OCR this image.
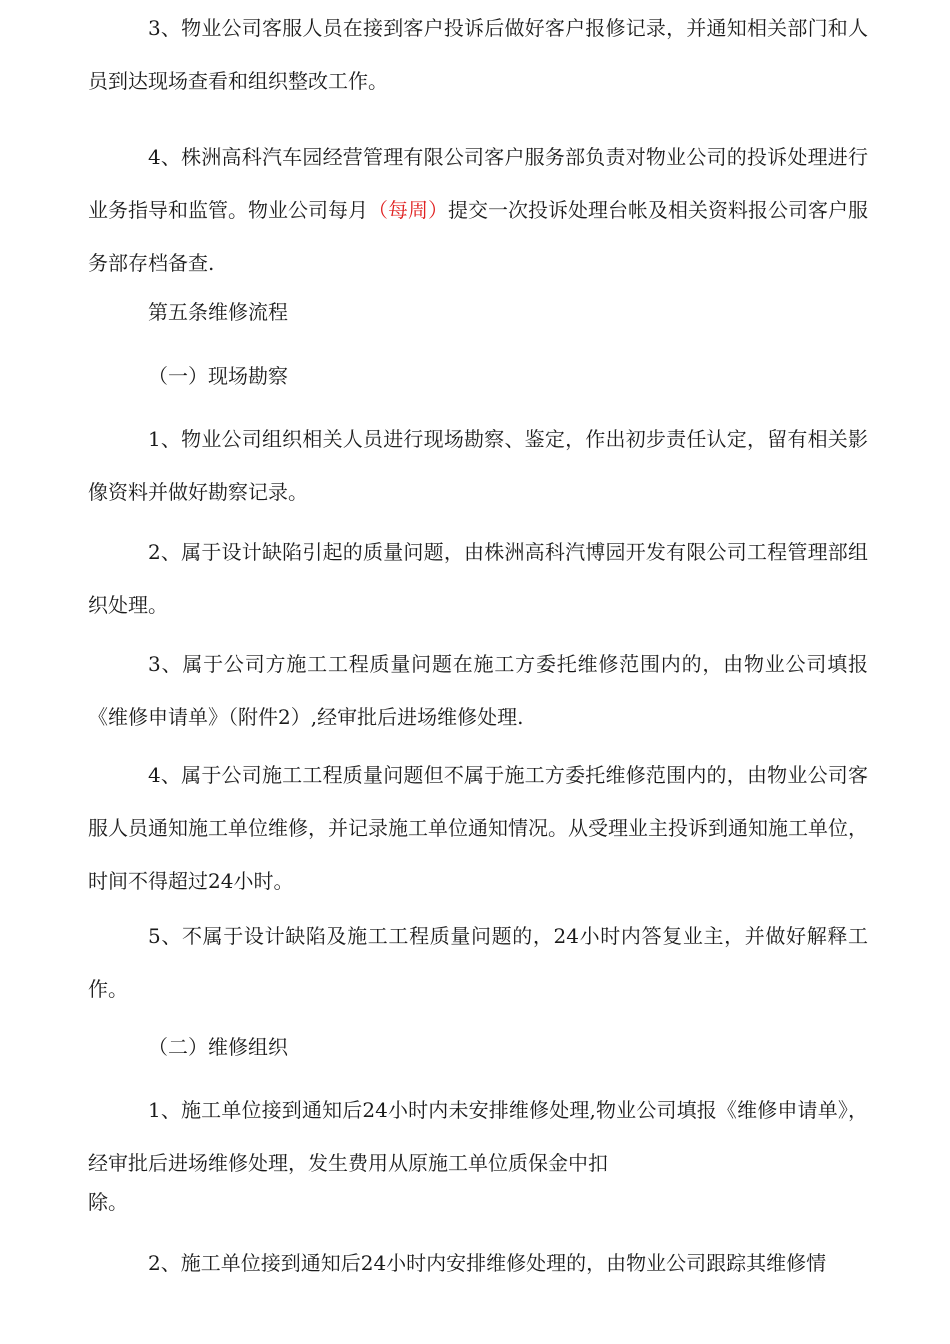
3、物业公司客服人员在接到客户投诉后做好客户报修记录，并通知相关部门和人员到达现场查看和组织整改工作。

4、株洲高科汽车园经营管理有限公司客户服务部负责对物业公司的投诉处理进行业务指导和监管。物业公司每月（每周）提交一次投诉处理台帐及相关资料报公司客户服务部存档备查.

第五条维修流程
（一）现场勘察

1、物业公司组织相关人员进行现场勘察、鉴定，作出初步责任认定，留有相关影像资料并做好勘察记录。

2、属于设计缺陷引起的质量问题，由株洲高科汽博园开发有限公司工程管理部组织处理。

3、属于公司方施工工程质量问题在施工方委托维修范围内的，由物业公司填报《维修申请单》（附件2）,经审批后进场维修处理.

4、属于公司施工工程质量问题但不属于施工方委托维修范围内的，由物业公司客服人员通知施工单位维修，并记录施工单位通知情况。从受理业主投诉到通知施工单位，时间不得超过24小时。

5、不属于设计缺陷及施工工程质量问题的，24小时内答复业主，并做好解释工作。

（二）维修组织

1、施工单位接到通知后24小时内未安排维修处理,物业公司填报《维修申请单》，经审批后进场维修处理，发生费用从原施工单位质保金中扣

除。

2、施工单位接到通知后24小时内安排维修处理的，由物业公司跟踪其维修情
